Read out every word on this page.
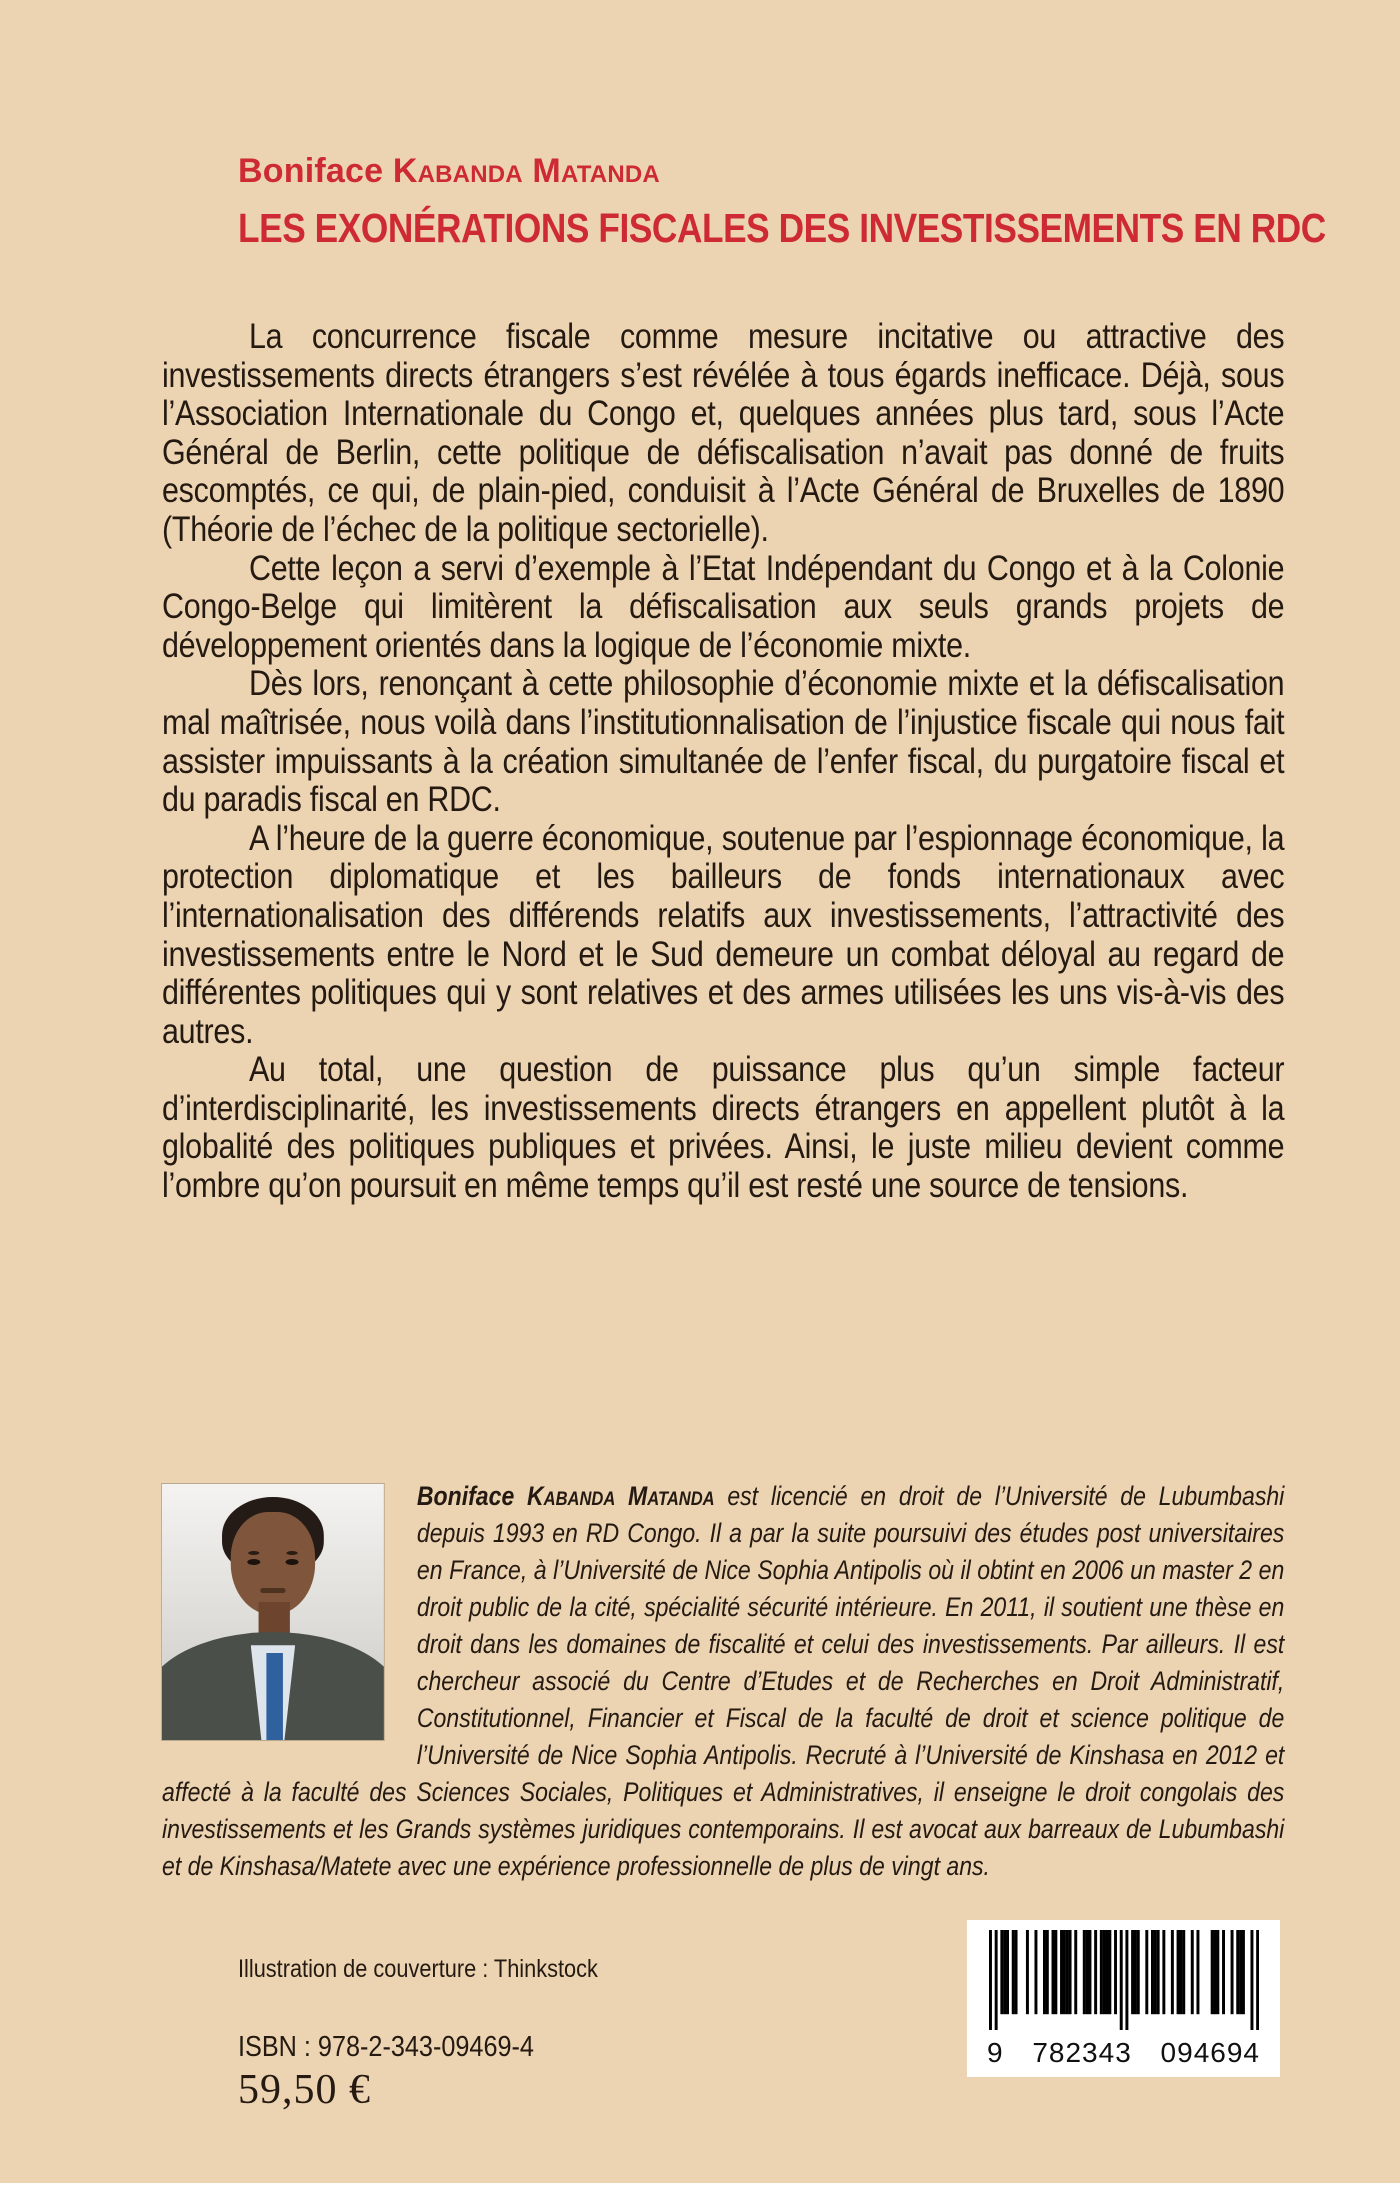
Boniface Kabanda Matanda
LES EXONÉRATIONS FISCALES DES INVESTISSEMENTS EN RDC

La concurrence fiscale comme mesure incitative ou attractive des investissements directs étrangers s’est révélée à tous égards inefficace. Déjà, sous l’Association Internationale du Congo et, quelques années plus tard, sous l’Acte Général de Berlin, cette politique de défiscalisation n’avait pas donné de fruits escomptés, ce qui, de plain-pied, conduisit à l’Acte Général de Bruxelles de 1890 (Théorie de l’échec de la politique sectorielle).

Cette leçon a servi d’exemple à l’Etat Indépendant du Congo et à la Colonie Congo-Belge qui limitèrent la défiscalisation aux seuls grands projets de développement orientés dans la logique de l’économie mixte.

Dès lors, renonçant à cette philosophie d’économie mixte et la défiscalisation mal maîtrisée, nous voilà dans l’institutionnalisation de l’injustice fiscale qui nous fait assister impuissants à la création simultanée de l’enfer fiscal, du purgatoire fiscal et du paradis fiscal en RDC.

A l’heure de la guerre économique, soutenue par l’espionnage économique, la protection diplomatique et les bailleurs de fonds internationaux avec l’internationalisation des différends relatifs aux investissements, l’attractivité des investissements entre le Nord et le Sud demeure un combat déloyal au regard de différentes politiques qui y sont relatives et des armes utilisées les uns vis-à-vis des autres.

Au total, une question de puissance plus qu’un simple facteur d’interdisciplinarité, les investissements directs étrangers en appellent plutôt à la globalité des politiques publiques et privées. Ainsi, le juste milieu devient comme l’ombre qu’on poursuit en même temps qu’il est resté une source de tensions.

Boniface Kabanda Matanda est licencié en droit de l’Université de Lubumbashi depuis 1993 en RD Congo. Il a par la suite poursuivi des études post universitaires en France, à l’Université de Nice Sophia Antipolis où il obtint en 2006 un master 2 en droit public de la cité, spécialité sécurité intérieure. En 2011, il soutient une thèse en droit dans les domaines de fiscalité et celui des investissements. Par ailleurs. Il est chercheur associé du Centre d’Etudes et de Recherches en Droit Administratif, Constitutionnel, Financier et Fiscal de la faculté de droit et science politique de l’Université de Nice Sophia Antipolis. Recruté à l’Université de Kinshasa en 2012 et affecté à la faculté des Sciences Sociales, Politiques et Administratives, il enseigne le droit congolais des investissements et les Grands systèmes juridiques contemporains. Il est avocat aux barreaux de Lubumbashi et de Kinshasa/Matete avec une expérience professionnelle de plus de vingt ans.

Illustration de couverture : Thinkstock
ISBN : 978-2-343-09469-4
59,50 €
9 782343 094694
